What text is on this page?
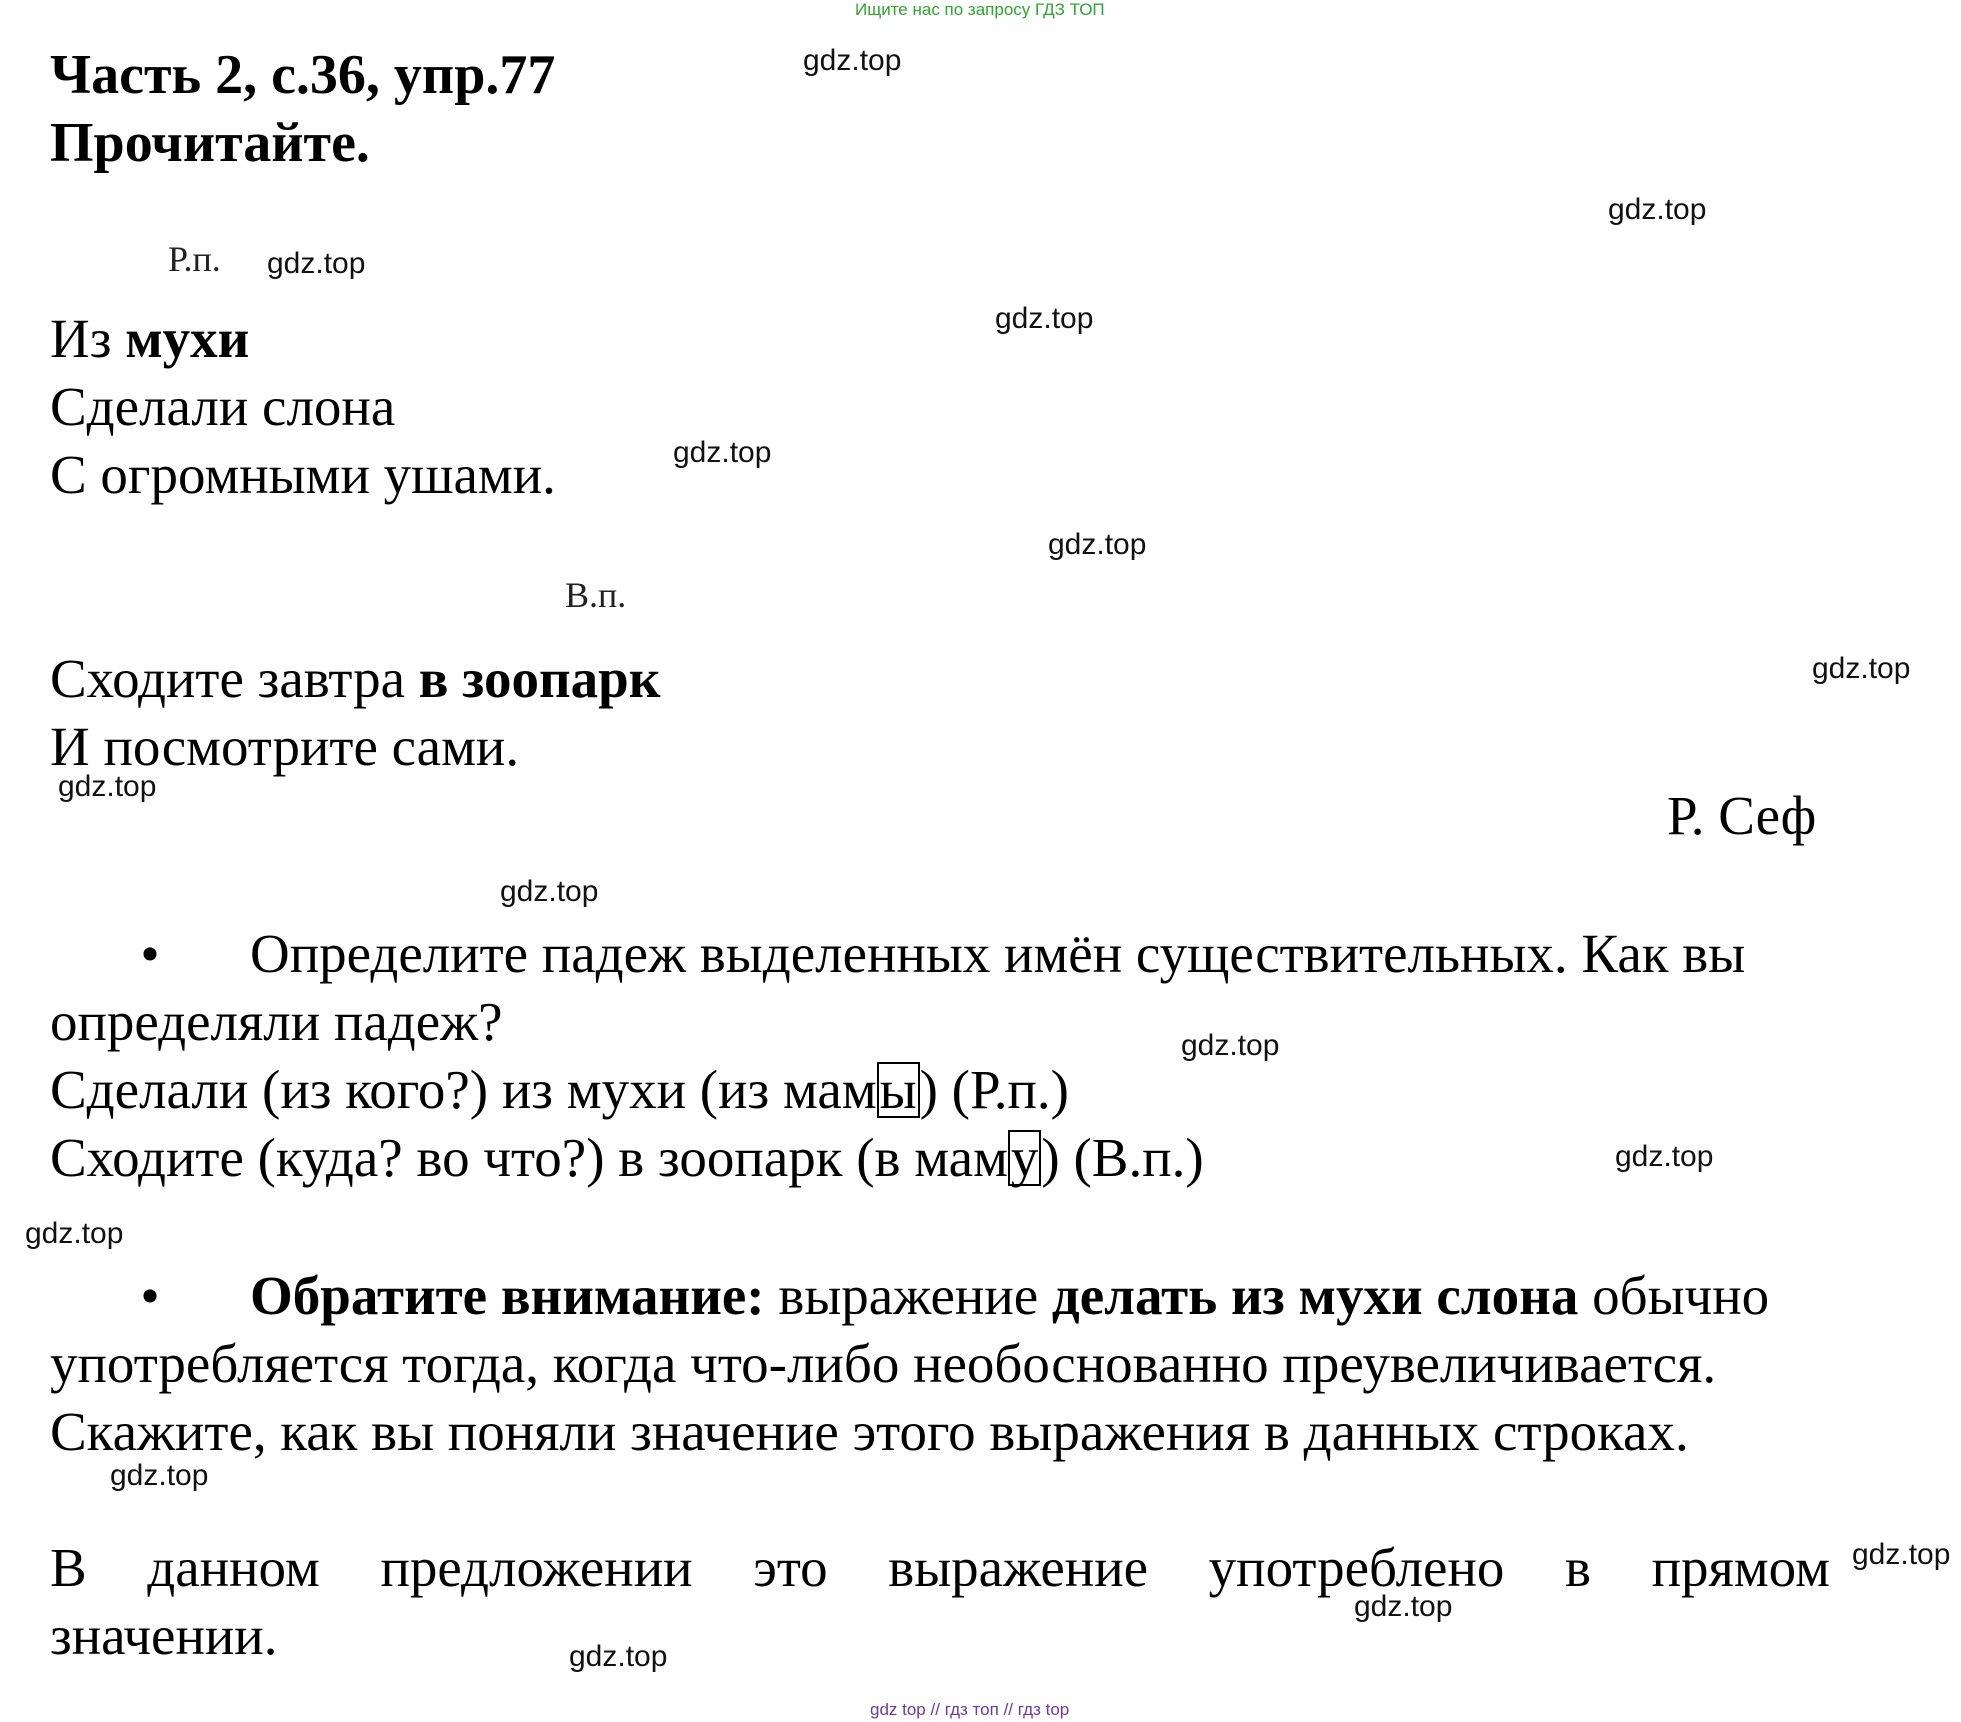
Ищите нас по запросу ГДЗ ТОП
Часть 2, с.36, упр.77
Прочитайте.
gdz.top
gdz.top
gdz.top
gdz.top
gdz.top
gdz.top
gdz.top
gdz.top
gdz.top
gdz.top
gdz.top
gdz.top
gdz.top
gdz.top
gdz.top
gdz.top
Р.п.
В.п.
Из мухи
Сделали слона
С огромными ушами.
Сходите завтра в зоопарк
И посмотрите сами.
Р. Сеф
•	Определите падеж выделенных имён существительных. Как вы
определяли падеж?
Сделали (из кого?) из мухи (из мамы) (Р.п.)
Сходите (куда? во что?) в зоопарк (в маму) (В.п.)
•	Обратите внимание: выражение делать из мухи слона обычно
употребляется тогда, когда что-либо необоснованно преувеличивается.
Скажите, как вы поняли значение этого выражения в данных строках.
В данном предложении это выражение употреблено в прямом
значении.
gdz top // гдз топ // гдз top
